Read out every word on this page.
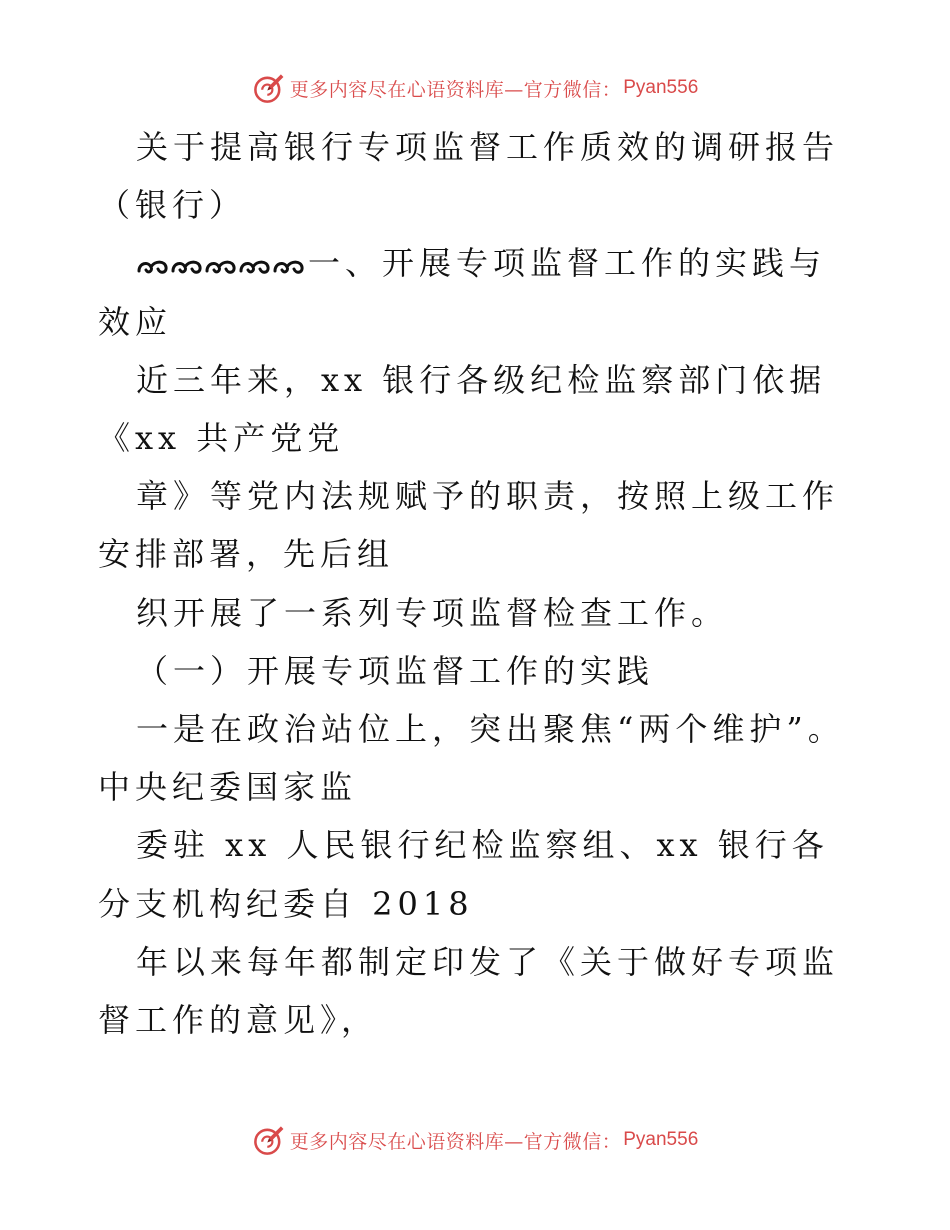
更多内容尽在心语资料库—官方微信： Pyan556

关于提高银行专项监督工作质效的调研报告（银行）

一、开展专项监督工作的实践与效应

近三年来，xx 银行各级纪检监察部门依据《xx 共产党党

章》等党内法规赋予的职责，按照上级工作安排部署，先后组

织开展了一系列专项监督检查工作。

（一）开展专项监督工作的实践

一是在政治站位上，突出聚焦“两个维护”。中央纪委国家监

委驻 xx 人民银行纪检监察组、xx 银行各分支机构纪委自 2018

年以来每年都制定印发了《关于做好专项监督工作的意见》，

更多内容尽在心语资料库—官方微信： Pyan556
